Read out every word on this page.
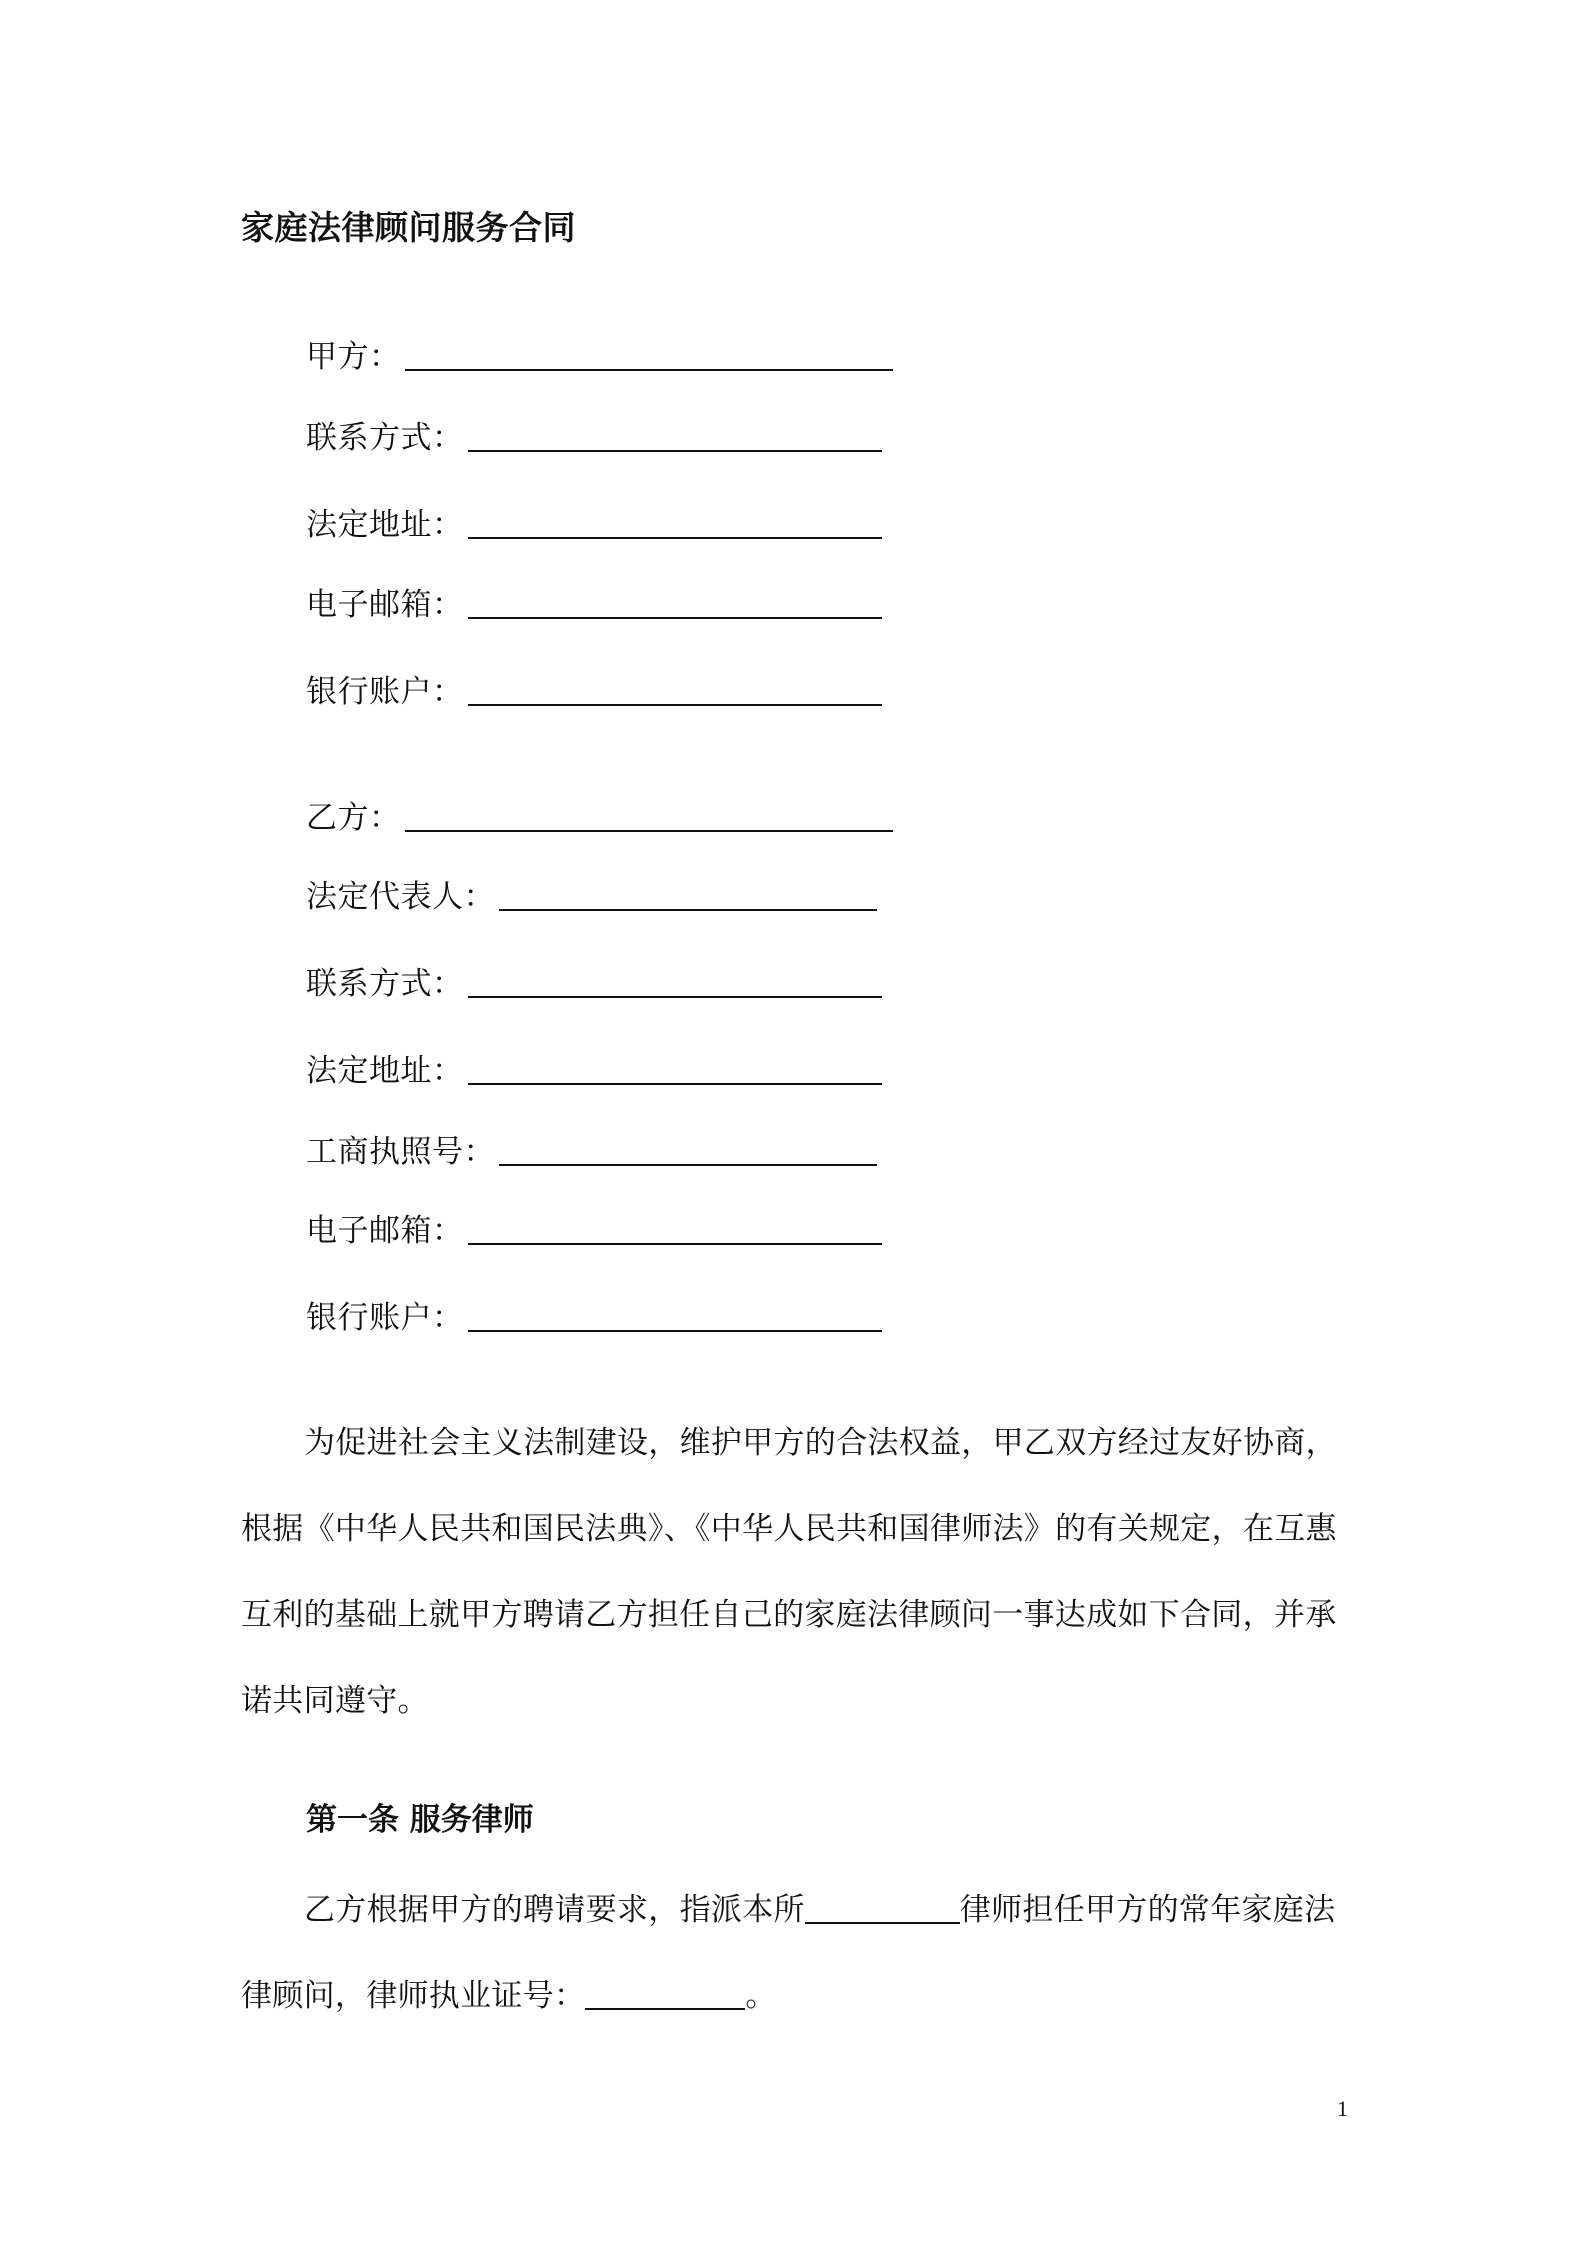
家庭法律顾问服务合同
甲方：
联系方式：
法定地址：
电子邮箱：
银行账户：
乙方：
法定代表人：
联系方式：
法定地址：
工商执照号：
电子邮箱：
银行账户：
为促进社会主义法制建设，维护甲方的合法权益，甲乙双方经过友好协商，
根据《中华人民共和国民法典》、《中华人民共和国律师法》的有关规定，在互惠
互利的基础上就甲方聘请乙方担任自己的家庭法律顾问一事达成如下合同，并承
诺共同遵守。
第一条 服务律师
乙方根据甲方的聘请要求，指派本所	律师担任甲方的常年家庭法
律顾问，律师执业证号：	。
1
